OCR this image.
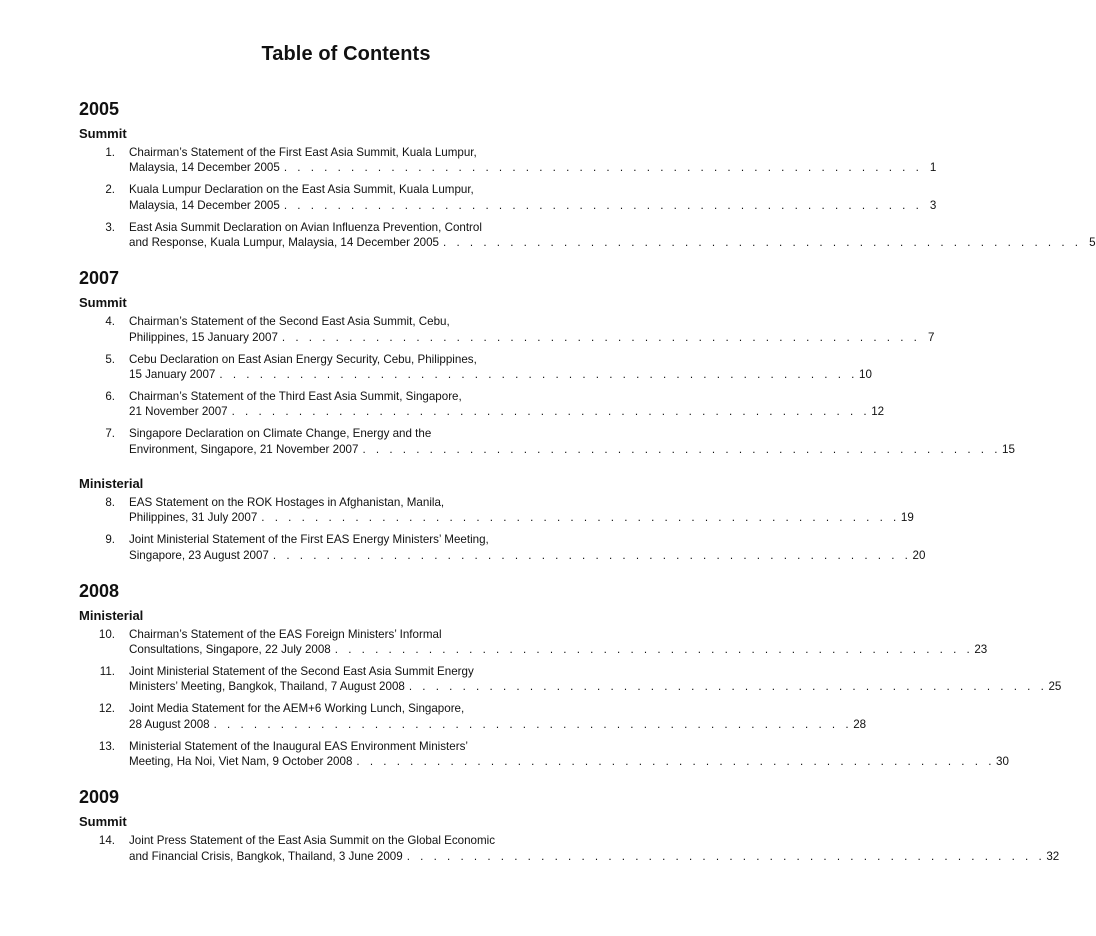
Table of Contents
2005
Summit
1. Chairman’s Statement of the First East Asia Summit, Kuala Lumpur,
Malaysia, 14 December 2005 . . . . . . . . . . . . . . . . . . . . . . . . . . . . . . . . . . . . . . . . . . . . . . . . 1
2. Kuala Lumpur Declaration on the East Asia Summit, Kuala Lumpur,
Malaysia, 14 December 2005 . . . . . . . . . . . . . . . . . . . . . . . . . . . . . . . . . . . . . . . . . . . . . . . . 3
3. East Asia Summit Declaration on Avian Influenza Prevention, Control
and Response, Kuala Lumpur, Malaysia, 14 December 2005 . . . . . . . . . . . . . . . . . . . . . . . . . . . . . . . . . . . . . . . . . . . . . . . . 5
2007
Summit
4. Chairman’s Statement of the Second East Asia Summit, Cebu,
Philippines, 15 January 2007 . . . . . . . . . . . . . . . . . . . . . . . . . . . . . . . . . . . . . . . . . . . . . . . . 7
5. Cebu Declaration on East Asian Energy Security, Cebu, Philippines,
15 January 2007 . . . . . . . . . . . . . . . . . . . . . . . . . . . . . . . . . . . . . . . . . . . . . . . . 10
6. Chairman’s Statement of the Third East Asia Summit, Singapore,
21 November 2007 . . . . . . . . . . . . . . . . . . . . . . . . . . . . . . . . . . . . . . . . . . . . . . . . 12
7. Singapore Declaration on Climate Change, Energy and the
Environment, Singapore, 21 November 2007 . . . . . . . . . . . . . . . . . . . . . . . . . . . . . . . . . . . . . . . . . . . . . . . . 15
Ministerial
8. EAS Statement on the ROK Hostages in Afghanistan, Manila,
Philippines, 31 July 2007 . . . . . . . . . . . . . . . . . . . . . . . . . . . . . . . . . . . . . . . . . . . . . . . . 19
9. Joint Ministerial Statement of the First EAS Energy Ministers’ Meeting,
Singapore, 23 August 2007 . . . . . . . . . . . . . . . . . . . . . . . . . . . . . . . . . . . . . . . . . . . . . . . . 20
2008
Ministerial
10. Chairman’s Statement of the EAS Foreign Ministers’ Informal
Consultations, Singapore, 22 July 2008 . . . . . . . . . . . . . . . . . . . . . . . . . . . . . . . . . . . . . . . . . . . . . . . . 23
11. Joint Ministerial Statement of the Second East Asia Summit Energy
Ministers’ Meeting, Bangkok, Thailand, 7 August 2008 . . . . . . . . . . . . . . . . . . . . . . . . . . . . . . . . . . . . . . . . . . . . . . . . 25
12. Joint Media Statement for the AEM+6 Working Lunch, Singapore,
28 August 2008 . . . . . . . . . . . . . . . . . . . . . . . . . . . . . . . . . . . . . . . . . . . . . . . . 28
13. Ministerial Statement of the Inaugural EAS Environment Ministers’
Meeting, Ha Noi, Viet Nam, 9 October 2008 . . . . . . . . . . . . . . . . . . . . . . . . . . . . . . . . . . . . . . . . . . . . . . . . 30
2009
Summit
14. Joint Press Statement of the East Asia Summit on the Global Economic
and Financial Crisis, Bangkok, Thailand, 3 June 2009 . . . . . . . . . . . . . . . . . . . . . . . . . . . . . . . . . . . . . . . . . . . . . . . . 32
